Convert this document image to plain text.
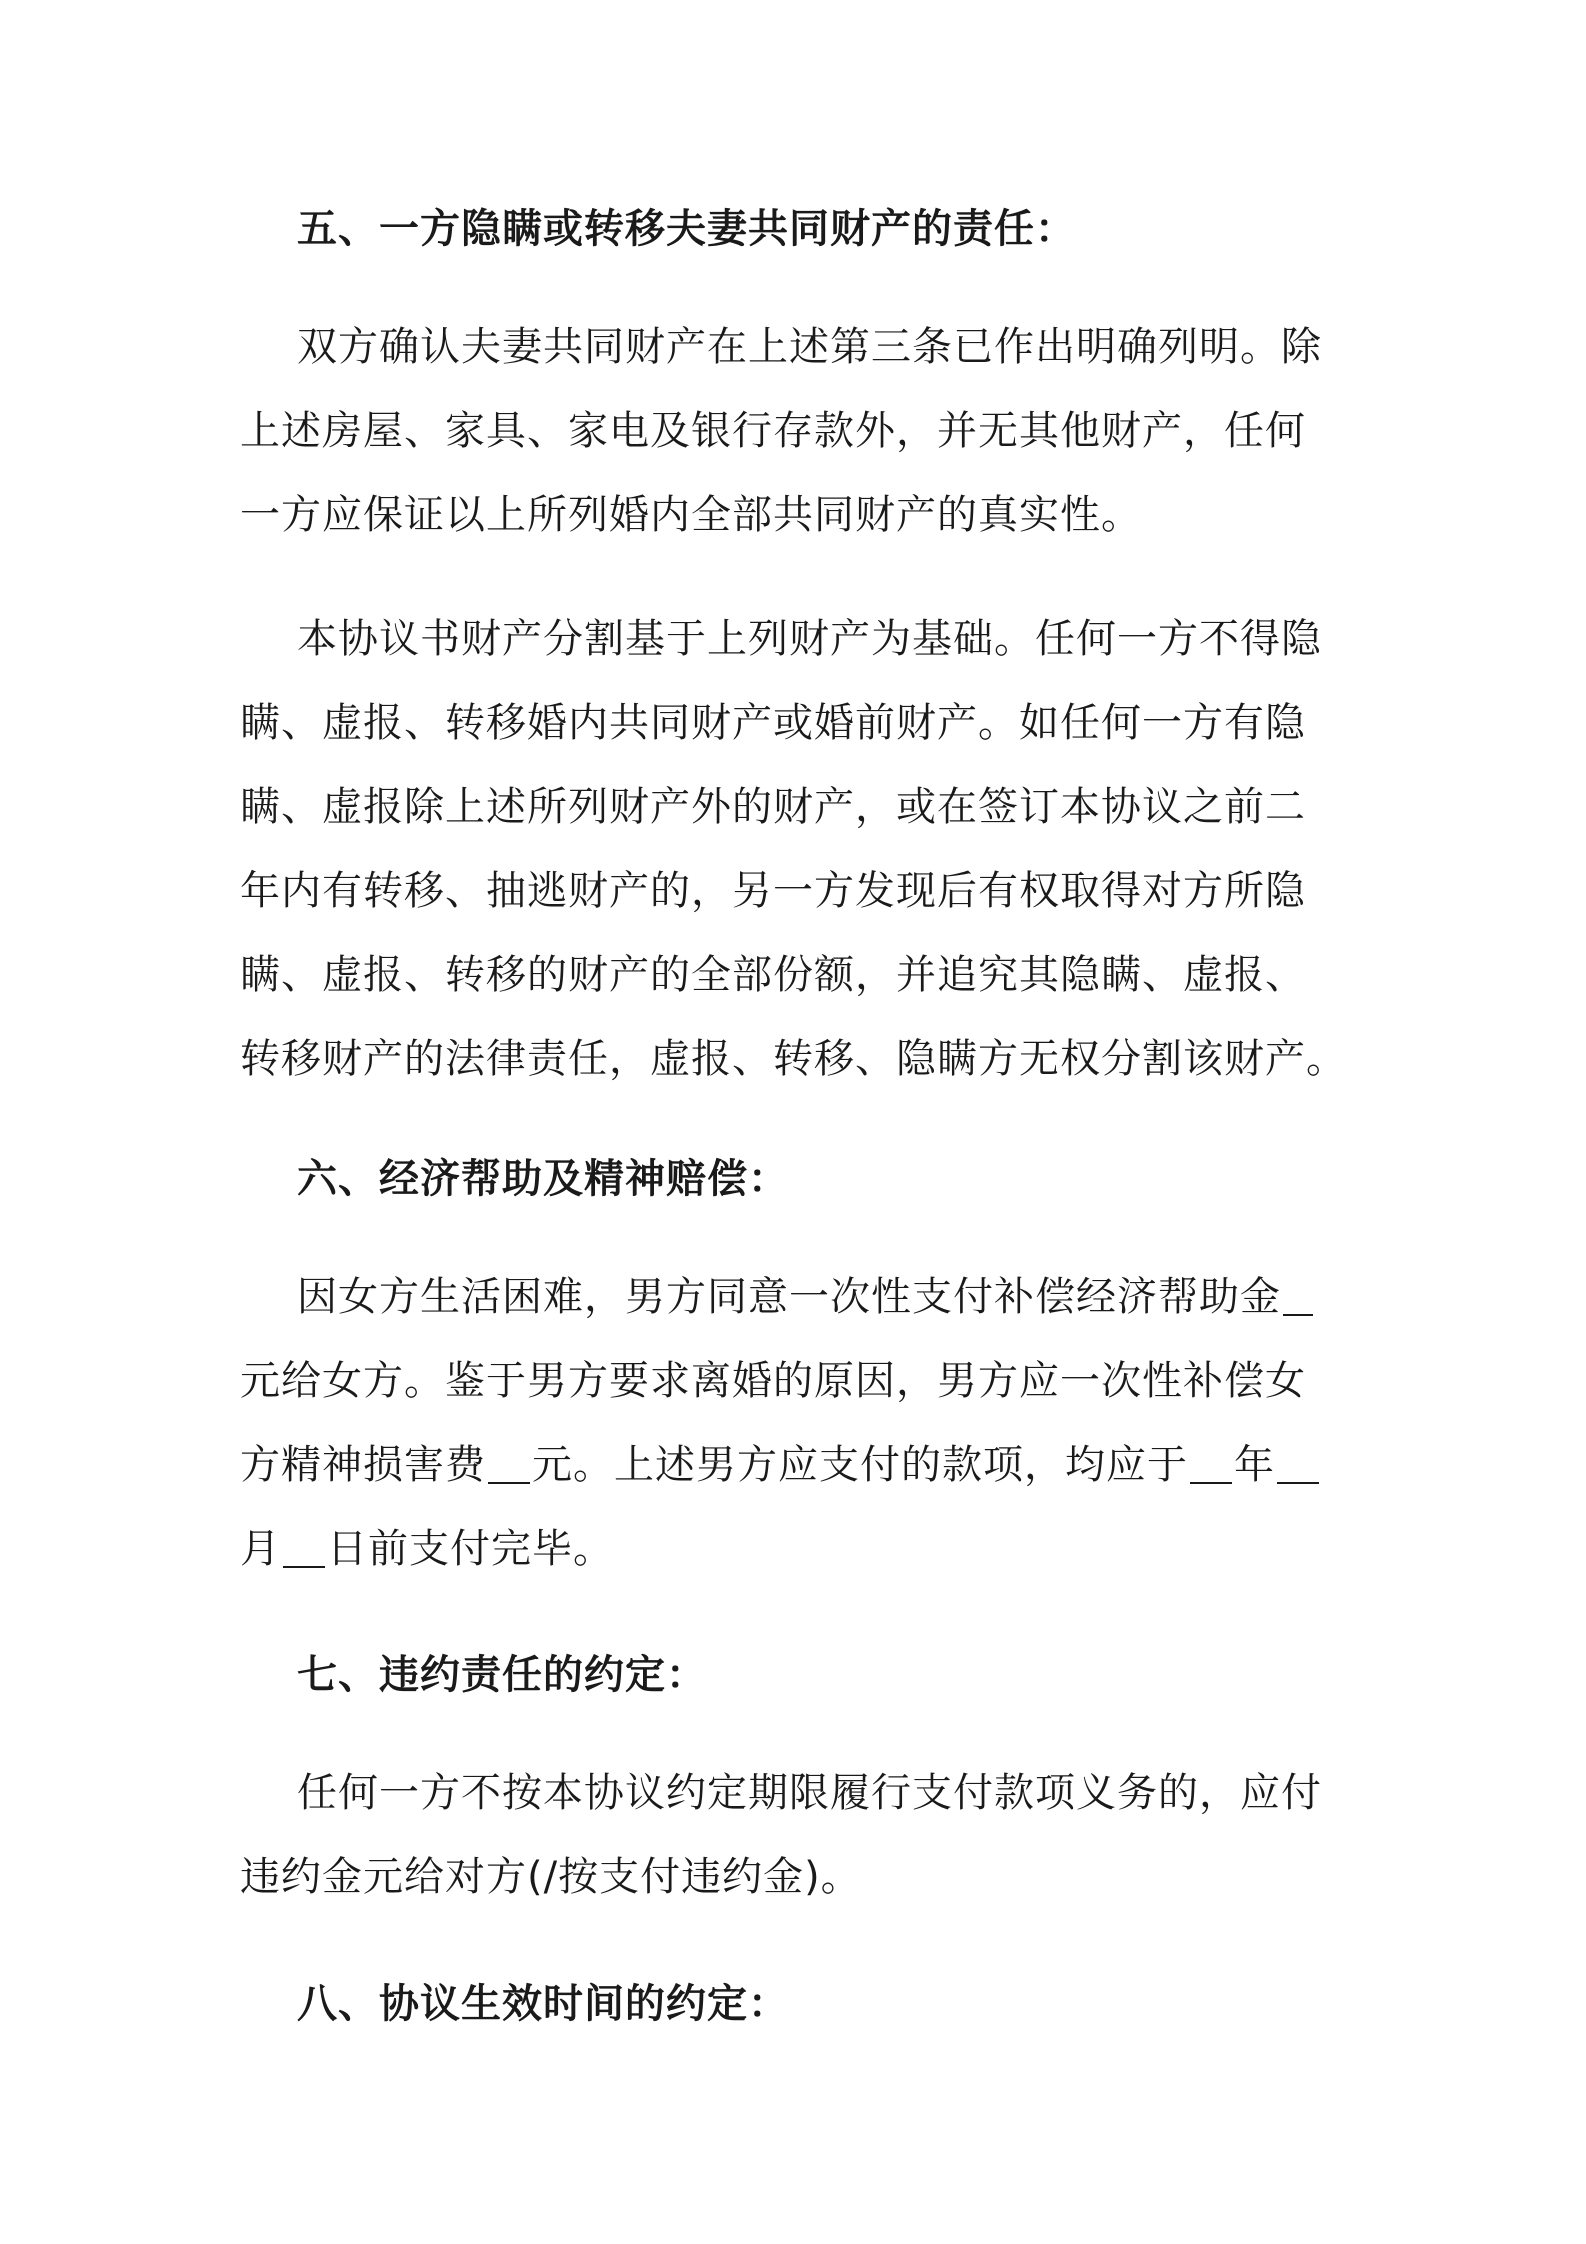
五、一方隐瞒或转移夫妻共同财产的责任：
双方确认夫妻共同财产在上述第三条已作出明确列明。除
上述房屋、家具、家电及银行存款外，并无其他财产，任何
一方应保证以上所列婚内全部共同财产的真实性。
本协议书财产分割基于上列财产为基础。任何一方不得隐
瞒、虚报、转移婚内共同财产或婚前财产。如任何一方有隐
瞒、虚报除上述所列财产外的财产，或在签订本协议之前二
年内有转移、抽逃财产的，另一方发现后有权取得对方所隐
瞒、虚报、转移的财产的全部份额，并追究其隐瞒、虚报、
转移财产的法律责任，虚报、转移、隐瞒方无权分割该财产。
六、经济帮助及精神赔偿：
因女方生活困难，男方同意一次性支付补偿经济帮助金
元给女方。鉴于男方要求离婚的原因，男方应一次性补偿女
方精神损害费 元。上述男方应支付的款项，均应于 年
月 日前支付完毕。
七、违约责任的约定：
任何一方不按本协议约定期限履行支付款项义务的，应付
违约金元给对方(/按支付违约金)。
八、协议生效时间的约定：
